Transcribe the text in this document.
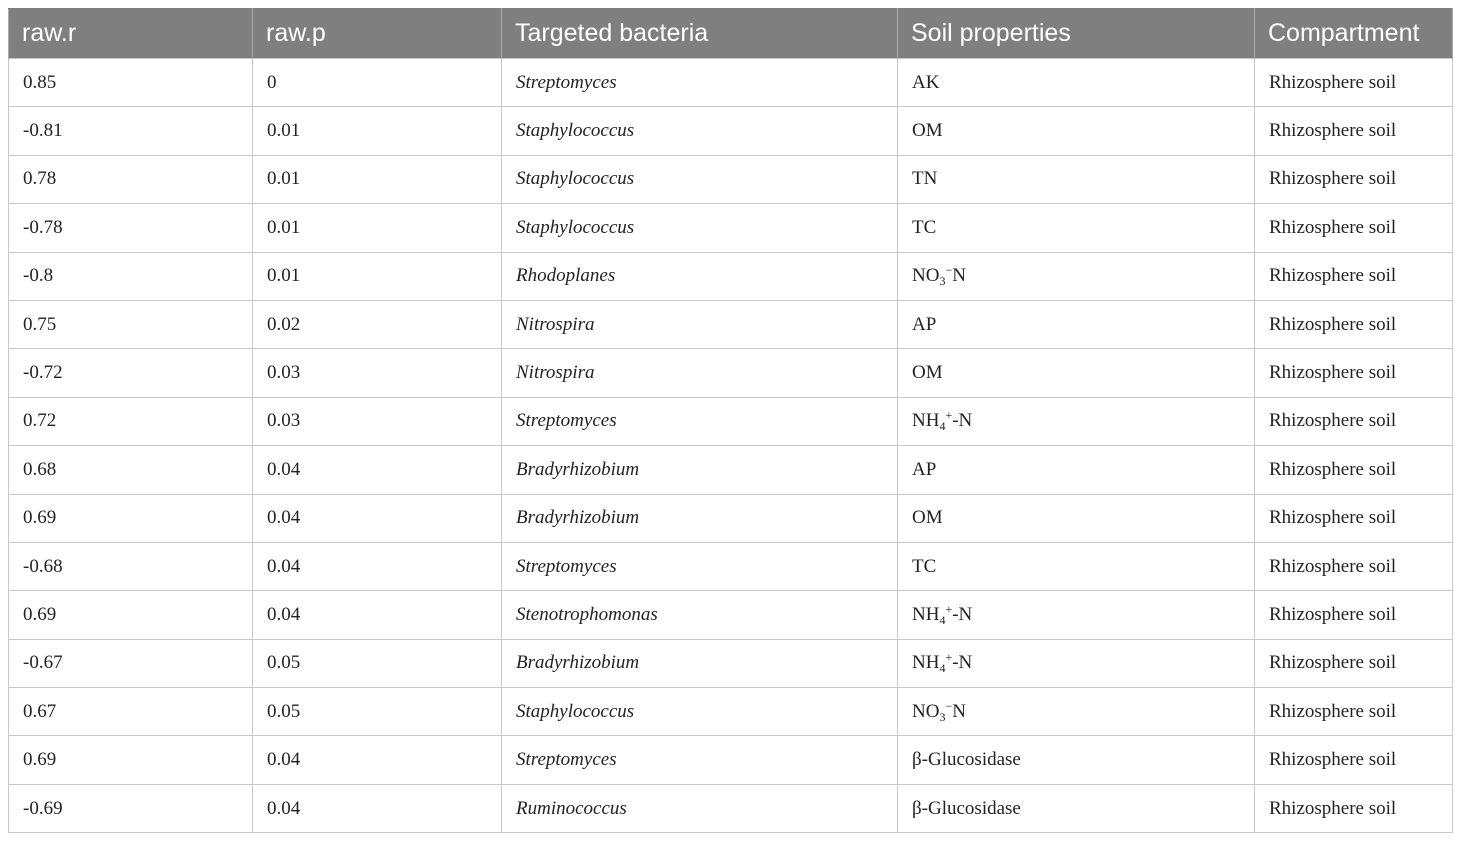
raw.r	raw.p	Targeted bacteria	Soil properties	Compartment
0.85	0	Streptomyces	AK	Rhizosphere soil
-0.81	0.01	Staphylococcus	OM	Rhizosphere soil
0.78	0.01	Staphylococcus	TN	Rhizosphere soil
-0.78	0.01	Staphylococcus	TC	Rhizosphere soil
-0.8	0.01	Rhodoplanes	$NO_3^-N$	Rhizosphere soil
0.75	0.02	Nitrospira	AP	Rhizosphere soil
-0.72	0.03	Nitrospira	OM	Rhizosphere soil
0.72	0.03	Streptomyces	$NH_4^+-N$	Rhizosphere soil
0.68	0.04	Bradyrhizobium	AP	Rhizosphere soil
0.69	0.04	Bradyrhizobium	OM	Rhizosphere soil
-0.68	0.04	Streptomyces	TC	Rhizosphere soil
0.69	0.04	Stenotrophomonas	$NH_4^+-N$	Rhizosphere soil
-0.67	0.05	Bradyrhizobium	$NH_4^+-N$	Rhizosphere soil
0.67	0.05	Staphylococcus	$NO_3^-N$	Rhizosphere soil
0.69	0.04	Streptomyces	β-Glucosidase	Rhizosphere soil
-0.69	0.04	Ruminococcus	β-Glucosidase	Rhizosphere soil
